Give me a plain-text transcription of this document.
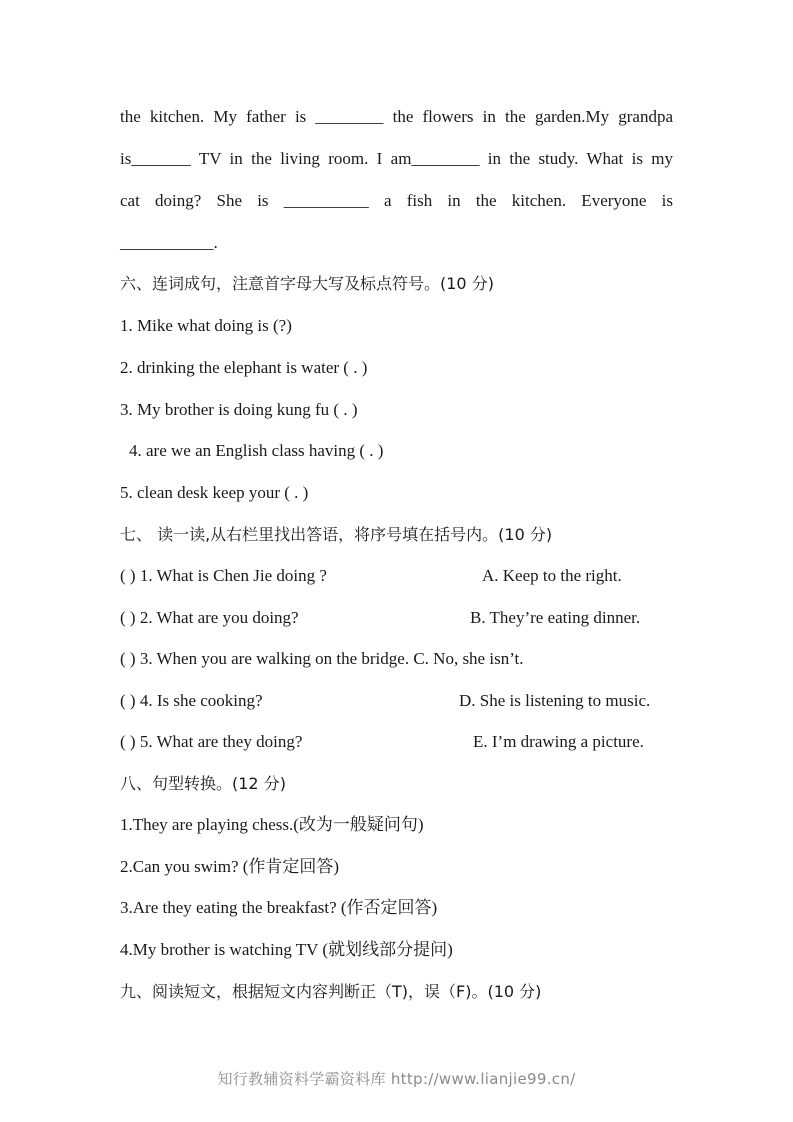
the kitchen. My father is ________ the flowers in the garden.My grandpa
is_______ TV in the living room. I am________ in the study. What is my
cat doing? She is __________ a fish in the kitchen. Everyone is
___________.
六、连词成句，注意首字母大写及标点符号。(10 分)
1. Mike what doing is (?)
2. drinking the elephant is water ( . )
3. My brother is doing kung fu ( . )
4. are we an English class having ( . )
5. clean desk keep your ( . )
七、 读一读,从右栏里找出答语，将序号填在括号内。(10 分)
( ) 1. What is Chen Jie doing ?	A. Keep to the right.
( ) 2. What are you doing?	B. They’re eating dinner.
( ) 3. When you are walking on the bridge. C. No, she isn’t.
( ) 4. Is she cooking?	D. She is listening to music.
( ) 5. What are they doing?	E. I’m drawing a picture.
八、句型转换。(12 分)
1.They are playing chess.(改为一般疑问句)
2.Can you swim? (作肯定回答)
3.Are they eating the breakfast? (作否定回答)
4.My brother is watching TV (就划线部分提问)
九、阅读短文，根据短文内容判断正（T)，误（F)。(10 分)
知行教辅资料学霸资料库 http://www.lianjie99.cn/
